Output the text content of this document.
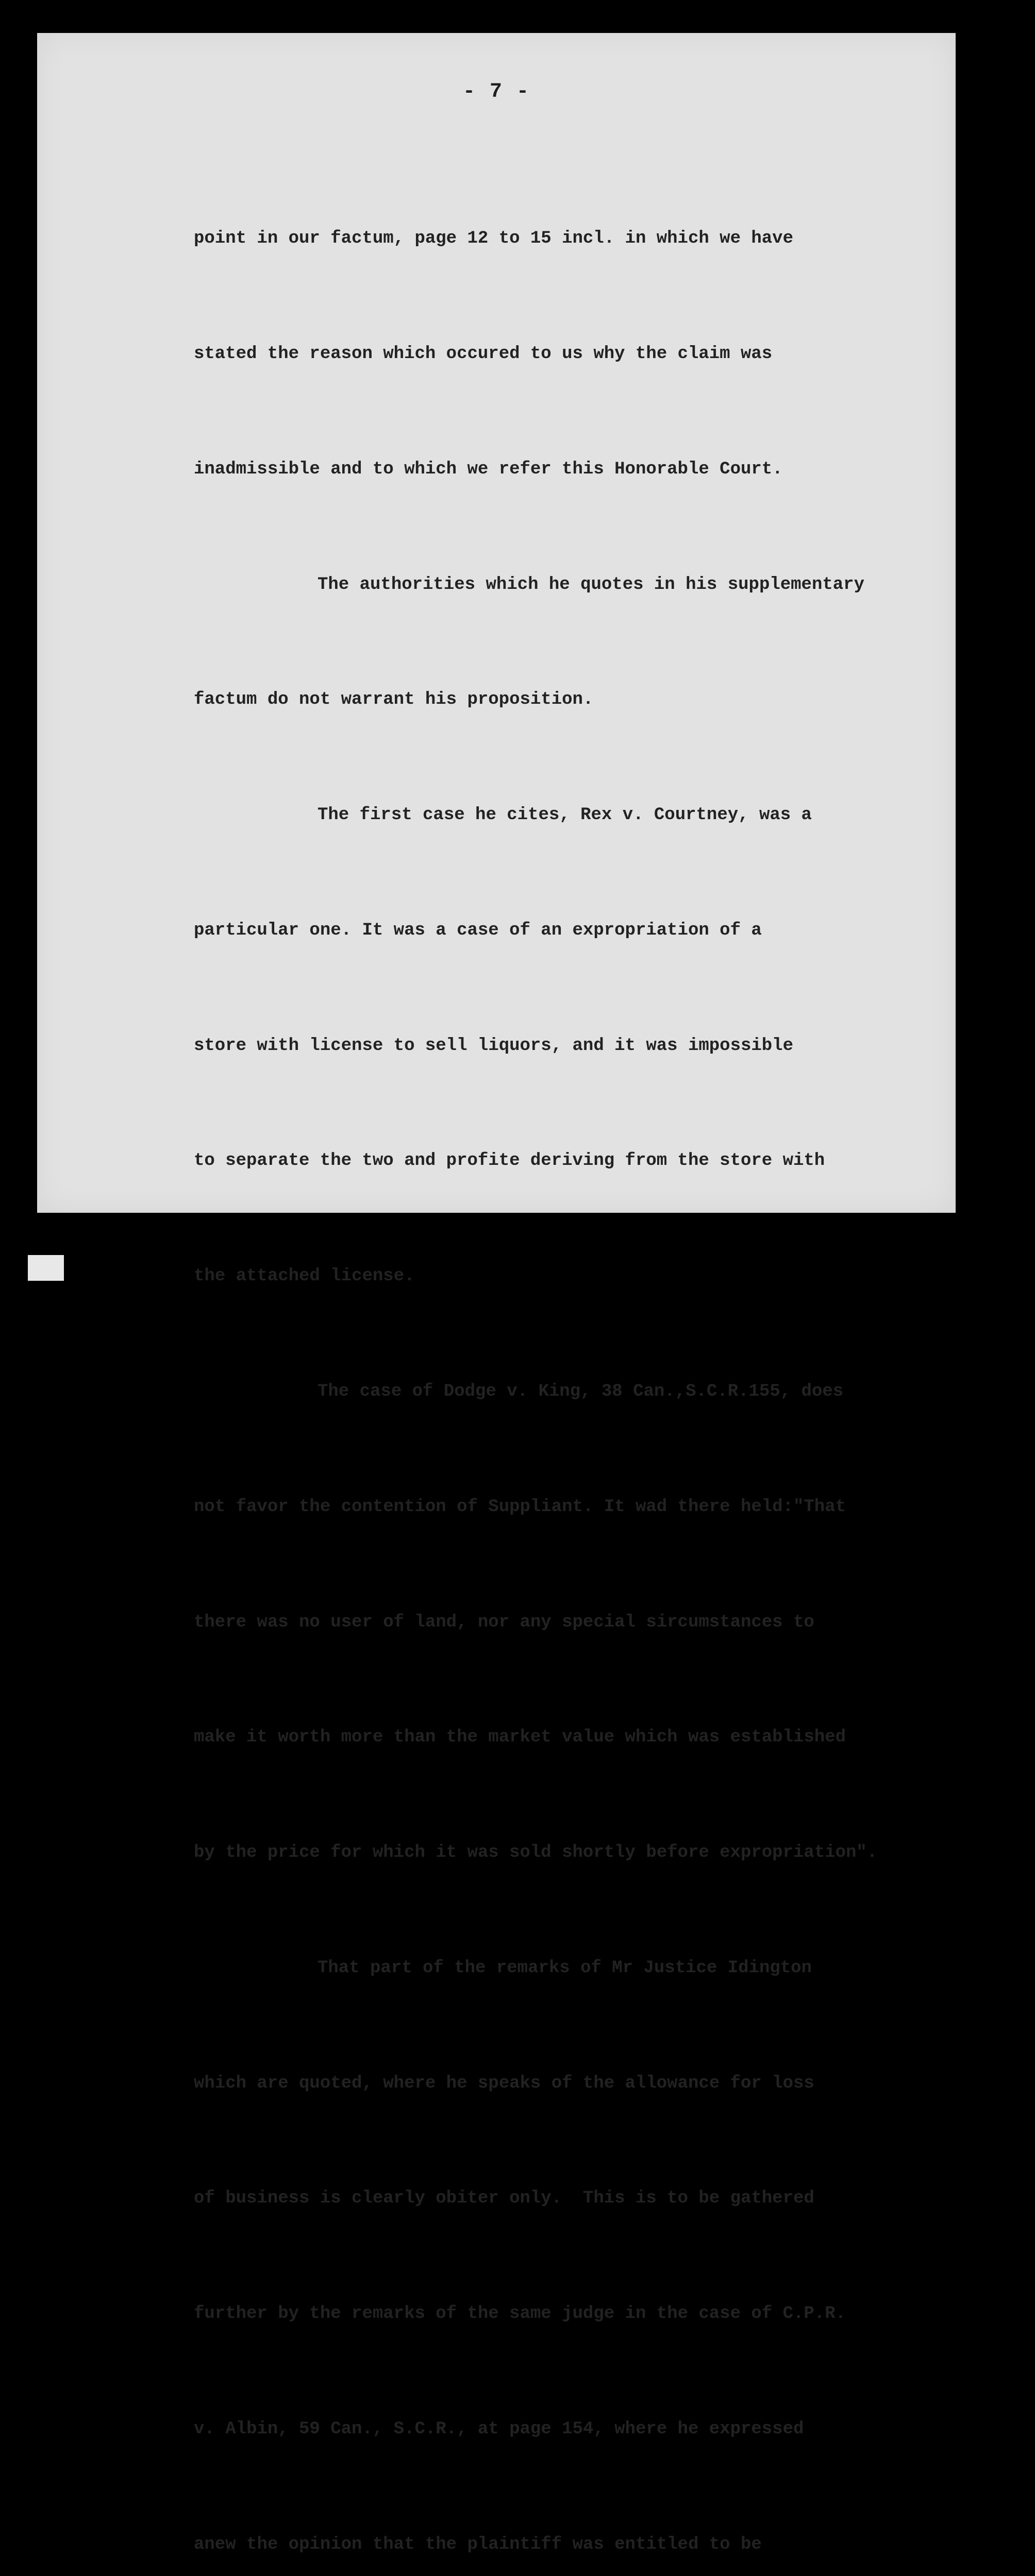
- 7 -

point in our factum, page 12 to 15 incl. in which we have

stated the reason which occured to us why the claim was

inadmissible and to which we refer this Honorable Court.

The authorities which he quotes in his supplementary

factum do not warrant his proposition.

The first case he cites, Rex v. Courtney, was a

particular one. It was a case of an expropriation of a

store with license to sell liquors, and it was impossible

to separate the two and profite deriving from the store with

the attached license.

The case of Dodge v. King, 38 Can.,S.C.R.155, does

not favor the contention of Suppliant. It wad there held:"That

there was no user of land, nor any special sircumstances to

make it worth more than the market value which was established

by the price for which it was sold shortly before expropriation".

That part of the remarks of Mr Justice Idington

which are quoted, where he speaks of the allowance for loss

of business is clearly obiter only.  This is to be gathered

further by the remarks of the same judge in the case of C.P.R.

v. Albin, 59 Can., S.C.R., at page 154, where he expressed

anew the opinion that the plaintiff was entitled to be
